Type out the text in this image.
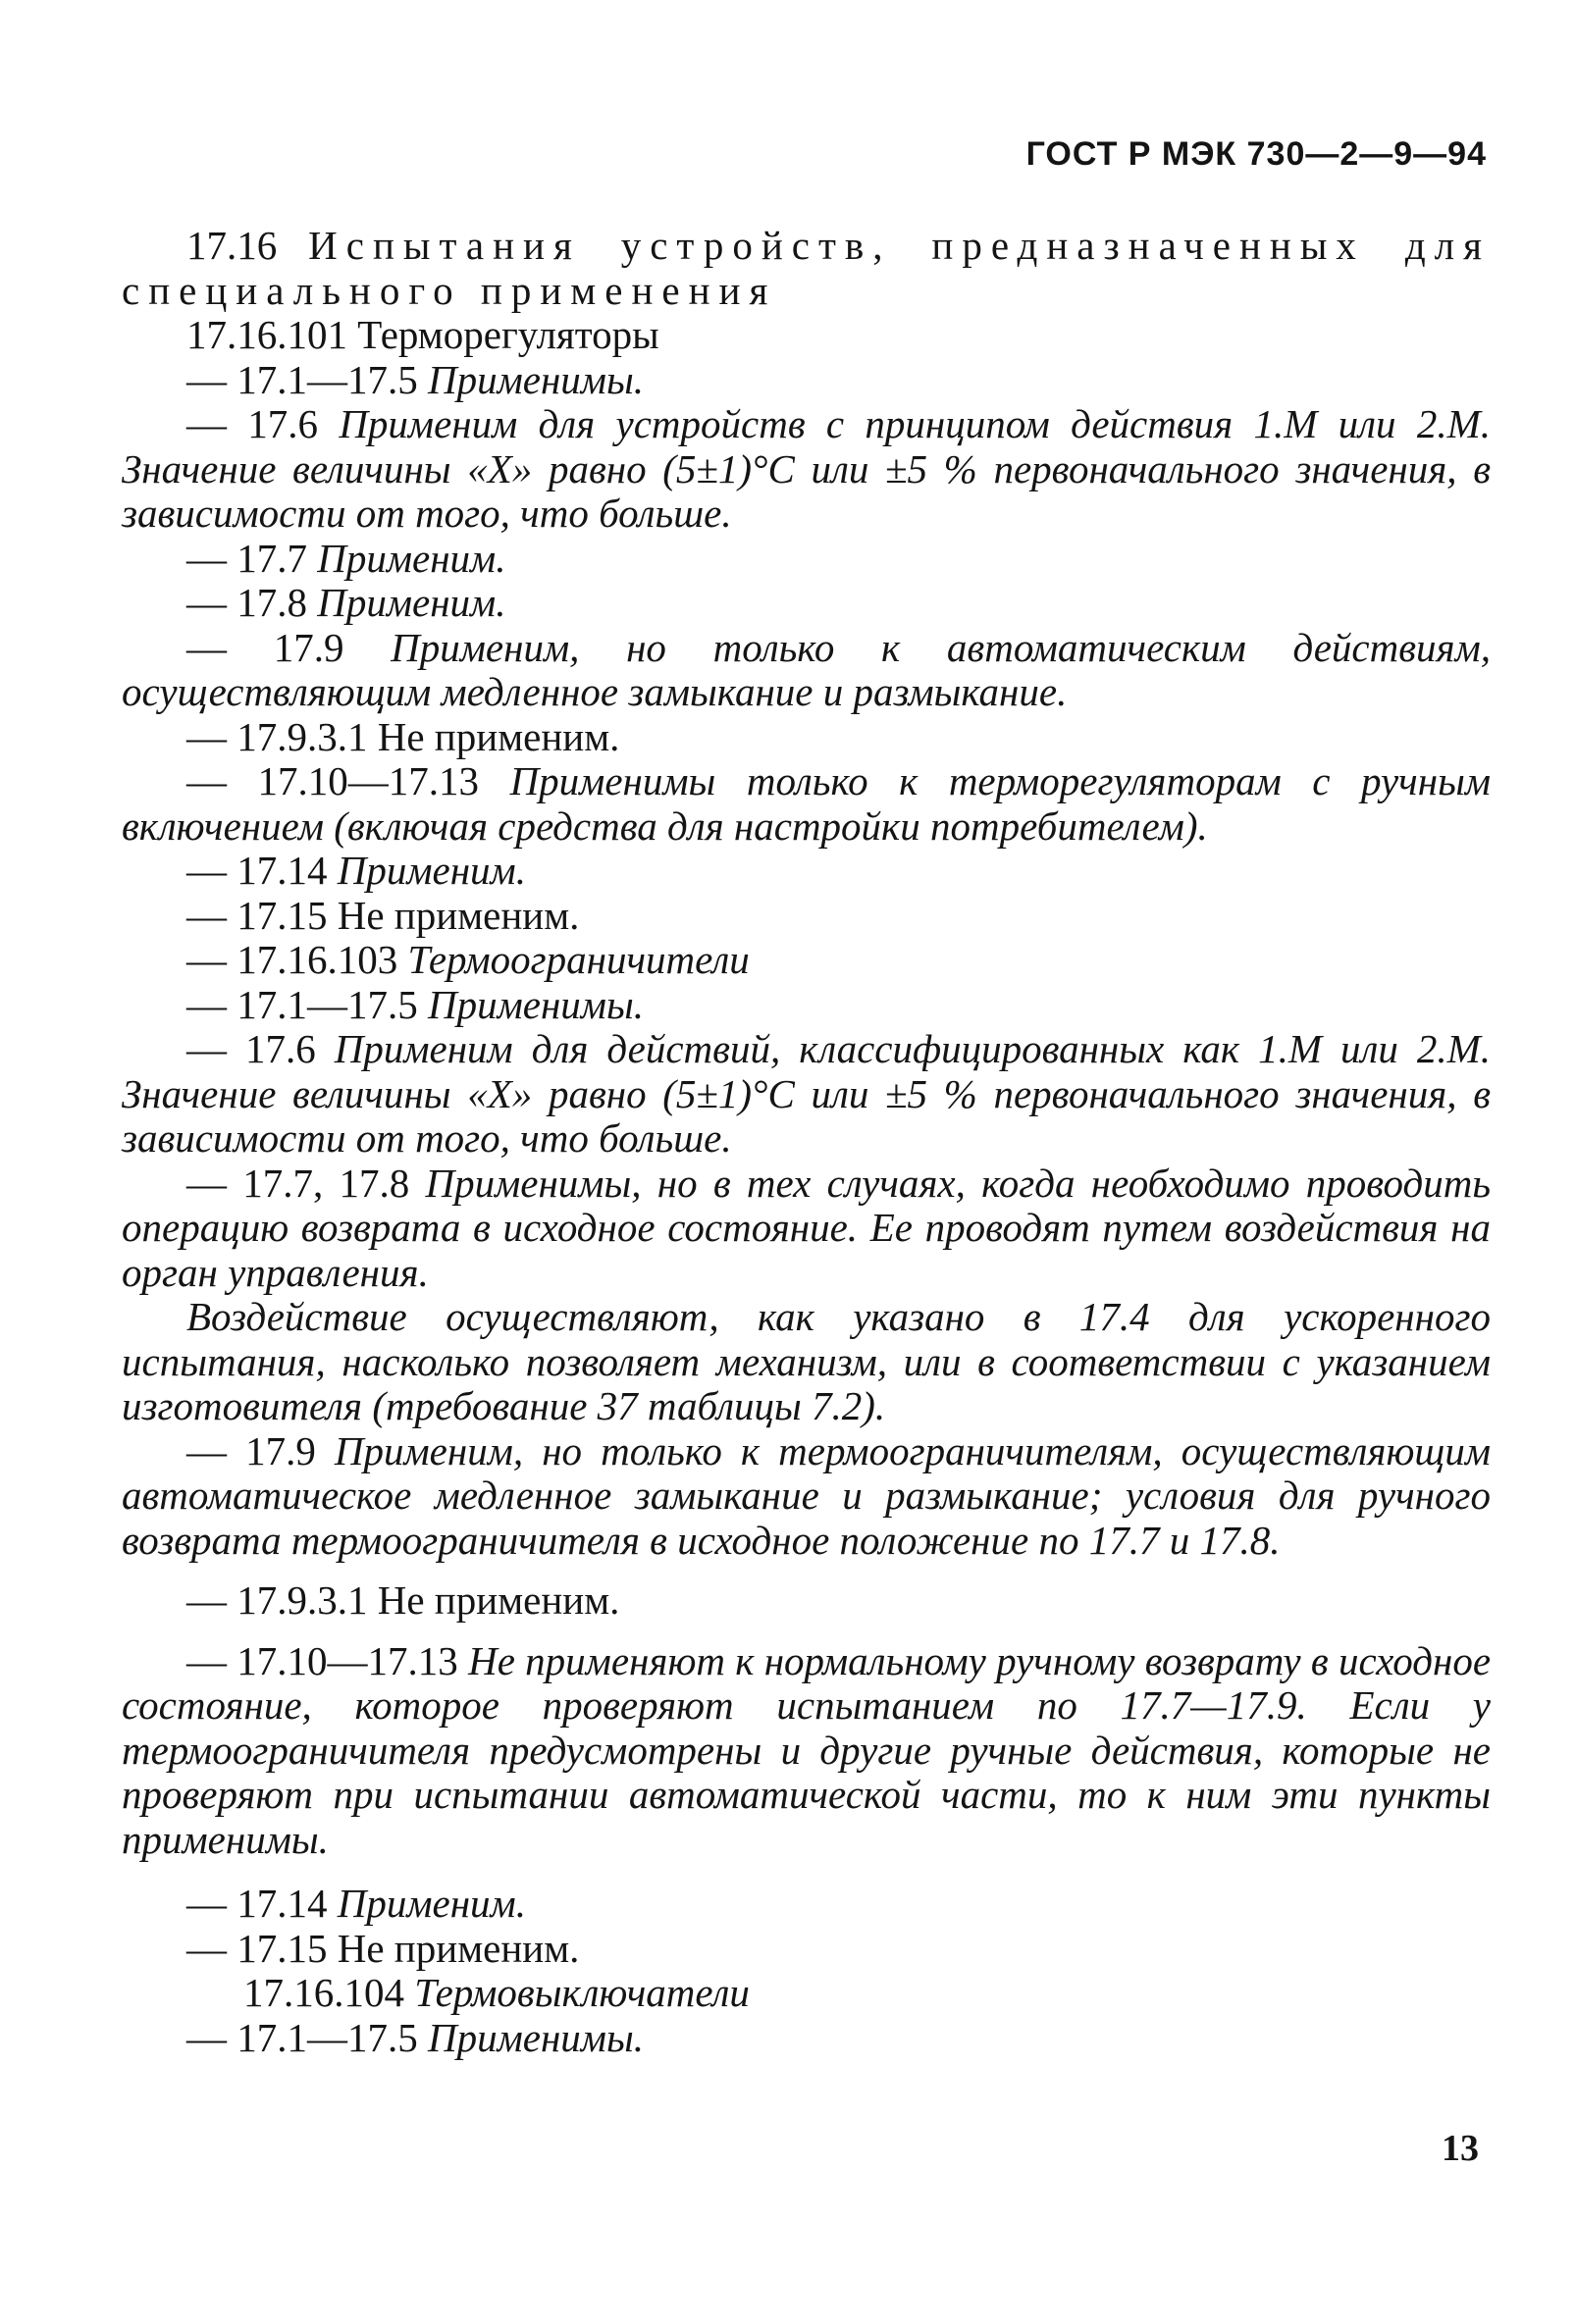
ГОСТ Р МЭК 730—2—9—94

17.16 Испытания устройств, предназначенных для специального применения

17.16.101 Терморегуляторы

— 17.1—17.5 Применимы.

— 17.6 Применим для устройств с принципом действия 1.М или 2.М. Значение величины «Х» равно (5±1)°С или ±5 % первоначального значения, в зависимости от того, что больше.

— 17.7 Применим.

— 17.8 Применим.

— 17.9 Применим, но только к автоматическим действиям, осуществляющим медленное замыкание и размыкание.

— 17.9.3.1 Не применим.

— 17.10—17.13 Применимы только к терморегуляторам с ручным включением (включая средства для настройки потребителем).

— 17.14 Применим.

— 17.15 Не применим.

— 17.16.103 Термоограничители

— 17.1—17.5 Применимы.

— 17.6 Применим для действий, классифицированных как 1.М или 2.М. Значение величины «Х» равно (5±1)°С или ±5 % первоначального значения, в зависимости от того, что больше.

— 17.7, 17.8 Применимы, но в тех случаях, когда необходимо проводить операцию возврата в исходное состояние. Ее проводят путем воздействия на орган управления.

Воздействие осуществляют, как указано в 17.4 для ускоренного испытания, насколько позволяет механизм, или в соответствии с указанием изготовителя (требование 37 таблицы 7.2).

— 17.9 Применим, но только к термоограничителям, осуществляющим автоматическое медленное замыкание и размыкание; условия для ручного возврата термоограничителя в исходное положение по 17.7 и 17.8.

— 17.9.3.1 Не применим.

— 17.10—17.13 Не применяют к нормальному ручному возврату в исходное состояние, которое проверяют испытанием по 17.7—17.9. Если у термоограничителя предусмотрены и другие ручные действия, которые не проверяют при испытании автоматической части, то к ним эти пункты применимы.

— 17.14 Применим.

— 17.15 Не применим.

17.16.104 Термовыключатели

— 17.1—17.5 Применимы.

13
